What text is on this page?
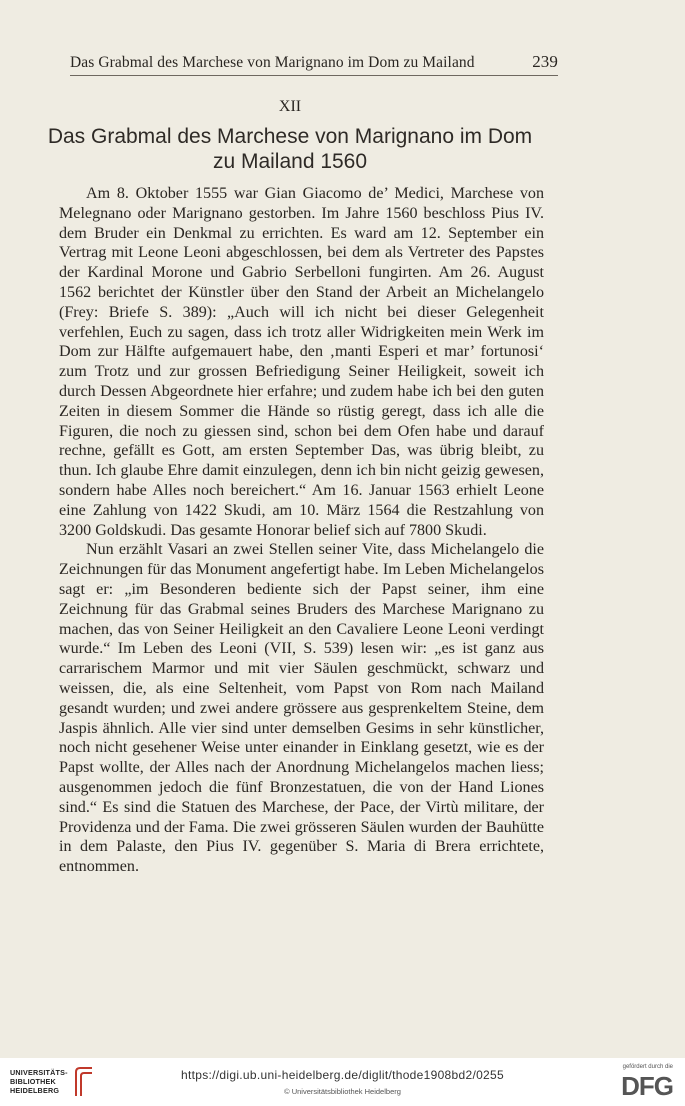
Das Grabmal des Marchese von Marignano im Dom zu Mailand	239
XII
Das Grabmal des Marchese von Marignano im Dom
zu Mailand 1560

Am 8. Oktober 1555 war Gian Giacomo de’ Medici, Marchese von Melegnano oder Marignano gestorben. Im Jahre 1560 beschloss Pius IV. dem Bruder ein Denkmal zu errichten. Es ward am 12. September ein Vertrag mit Leone Leoni abgeschlossen, bei dem als Vertreter des Papstes der Kardinal Morone und Gabrio Serbelloni fungirten. Am 26. August 1562 berichtet der Künstler über den Stand der Arbeit an Michelangelo (Frey: Briefe S. 389): „Auch will ich nicht bei dieser Gelegenheit verfehlen, Euch zu sagen, dass ich trotz aller Widrigkeiten mein Werk im Dom zur Hälfte aufgemauert habe, den ‚manti Esperi et mar’ fortunosi‘ zum Trotz und zur grossen Befriedigung Seiner Heiligkeit, soweit ich durch Dessen Abgeordnete hier erfahre; und zudem habe ich bei den guten Zeiten in diesem Sommer die Hände so rüstig geregt, dass ich alle die Figuren, die noch zu giessen sind, schon bei dem Ofen habe und darauf rechne, gefällt es Gott, am ersten September Das, was übrig bleibt, zu thun. Ich glaube Ehre damit einzulegen, denn ich bin nicht geizig gewesen, sondern habe Alles noch bereichert.“ Am 16. Januar 1563 erhielt Leone eine Zahlung von 1422 Skudi, am 10. März 1564 die Restzahlung von 3200 Goldskudi. Das gesamte Honorar belief sich auf 7800 Skudi.

Nun erzählt Vasari an zwei Stellen seiner Vite, dass Michelangelo die Zeichnungen für das Monument angefertigt habe. Im Leben Michelangelos sagt er: „im Besonderen bediente sich der Papst seiner, ihm eine Zeichnung für das Grabmal seines Bruders des Marchese Marignano zu machen, das von Seiner Heiligkeit an den Cavaliere Leone Leoni verdingt wurde.“ Im Leben des Leoni (VII, S. 539) lesen wir: „es ist ganz aus carrarischem Marmor und mit vier Säulen geschmückt, schwarz und weissen, die, als eine Seltenheit, vom Papst von Rom nach Mailand gesandt wurden; und zwei andere grössere aus gesprenkeltem Steine, dem Jaspis ähnlich. Alle vier sind unter demselben Gesims in sehr künstlicher, noch nicht gesehener Weise unter einander in Einklang gesetzt, wie es der Papst wollte, der Alles nach der Anordnung Michelangelos machen liess; ausgenommen jedoch die fünf Bronzestatuen, die von der Hand Liones sind.“ Es sind die Statuen des Marchese, der Pace, der Virtù militare, der Providenza und der Fama. Die zwei grösseren Säulen wurden der Bauhütte in dem Palaste, den Pius IV. gegenüber S. Maria di Brera errichtete, entnommen.

UNIVERSITÄTS-
BIBLIOTHEK
HEIDELBERG
https://digi.ub.uni-heidelberg.de/diglit/thode1908bd2/0255
© Universitätsbibliothek Heidelberg
gefördert durch die
DFG
